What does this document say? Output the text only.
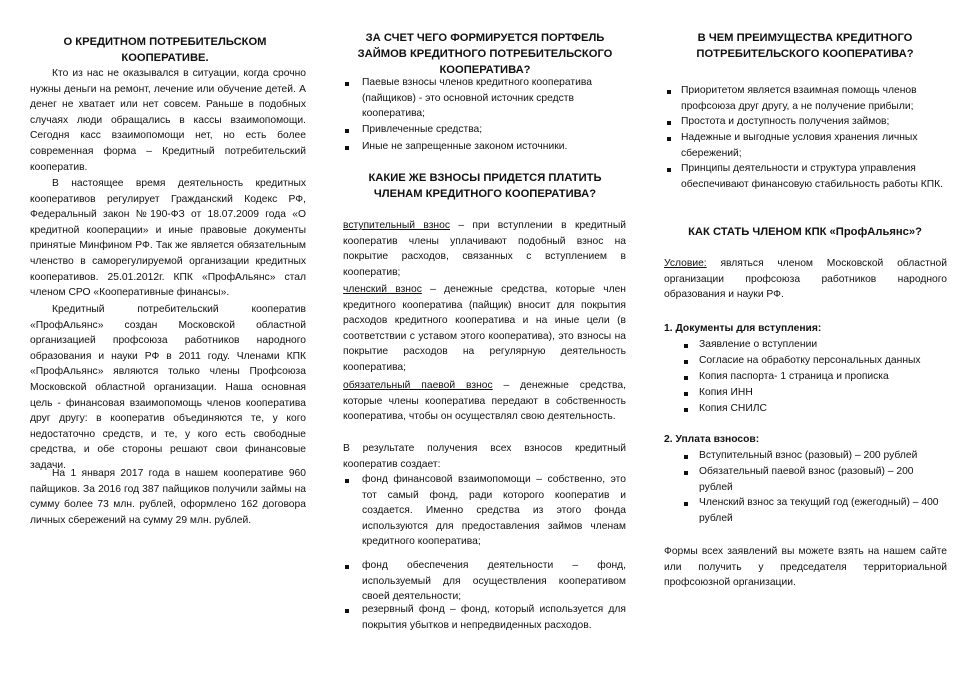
О КРЕДИТНОМ ПОТРЕБИТЕЛЬСКОМ КООПЕРАТИВЕ.
Кто из нас не оказывался в ситуации, когда срочно нужны деньги на ремонт, лечение или обучение детей. А денег не хватает или нет совсем. Раньше в подобных случаях люди обращались в кассы взаимопомощи. Сегодня касс взаимопомощи нет, но есть более современная форма – Кредитный потребительский кооператив.
В настоящее время деятельность кредитных кооперативов регулирует Гражданский Кодекс РФ, Федеральный закон №190-ФЗ от 18.07.2009 года «О кредитной кооперации» и иные правовые документы принятые Минфином РФ. Так же является обязательным членство в саморегулируемой организации кредитных кооперативов. 25.01.2012г. КПК «ПрофАльянс» стал членом СРО «Кооперативные финансы».
Кредитный потребительский кооператив «ПрофАльянс» создан Московской областной организацией профсоюза работников народного образования и науки РФ в 2011 году. Членами КПК «ПрофАльянс» являются только члены Профсоюза Московской областной организации. Наша основная цель - финансовая взаимопомощь членов кооператива друг другу: в кооператив объединяются те, у кого недостаточно средств, и те, у кого есть свободные средства, и обе стороны решают свои финансовые задачи.
На 1 января 2017 года в нашем кооперативе 960 пайщиков. За 2016 год 387 пайщиков получили займы на сумму более 73 млн. рублей, оформлено 162 договора личных сбережений на сумму 29 млн. рублей.
ЗА СЧЕТ ЧЕГО ФОРМИРУЕТСЯ ПОРТФЕЛЬ ЗАЙМОВ КРЕДИТНОГО ПОТРЕБИТЕЛЬСКОГО КООПЕРАТИВА?
Паевые взносы членов кредитного кооператива (пайщиков) - это основной источник средств кооператива;
Привлеченные средства;
Иные не запрещенные законом источники.
КАКИЕ ЖЕ ВЗНОСЫ ПРИДЕТСЯ ПЛАТИТЬ ЧЛЕНАМ КРЕДИТНОГО КООПЕРАТИВА?
вступительный взнос – при вступлении в кредитный кооператив члены уплачивают подобный взнос на покрытие расходов, связанных с вступлением в кооператив;
членский взнос – денежные средства, которые член кредитного кооператива (пайщик) вносит для покрытия расходов кредитного кооператива и на иные цели (в соответствии с уставом этого кооператива), это взносы на покрытие расходов на регулярную деятельность кооператива;
обязательный паевой взнос – денежные средства, которые члены кооператива передают в собственность кооператива, чтобы он осуществлял свою деятельность.
В результате получения всех взносов кредитный кооператив создает:
фонд финансовой взаимопомощи – собственно, это тот самый фонд, ради которого кооператив и создается. Именно средства из этого фонда используются для предоставления займов членам кредитного кооператива;
фонд обеспечения деятельности – фонд, используемый для осуществления кооперативом своей деятельности;
резервный фонд – фонд, который используется для покрытия убытков и непредвиденных расходов.
В ЧЕМ ПРЕИМУЩЕСТВА КРЕДИТНОГО ПОТРЕБИТЕЛЬСКОГО КООПЕРАТИВА?
Приоритетом является взаимная помощь членов профсоюза друг другу, а не получение прибыли;
Простота и доступность получения займов;
Надежные и выгодные условия хранения личных сбережений;
Принципы деятельности и структура управления обеспечивают финансовую стабильность работы КПК.
КАК СТАТЬ ЧЛЕНОМ КПК «ПрофАльянс»?
Условие: являться членом Московской областной организации профсоюза работников народного образования и науки РФ.
1. Документы для вступления:
Заявление о вступлении
Согласие на обработку персональных данных
Копия паспорта- 1 страница и прописка
Копия ИНН
Копия СНИЛС
2. Уплата взносов:
Вступительный взнос (разовый) – 200 рублей
Обязательный паевой взнос (разовый) – 200 рублей
Членский взнос за текущий год (ежегодный) – 400 рублей
Формы всех заявлений вы можете взять на нашем сайте или получить у председателя территориальной профсоюзной организации.
